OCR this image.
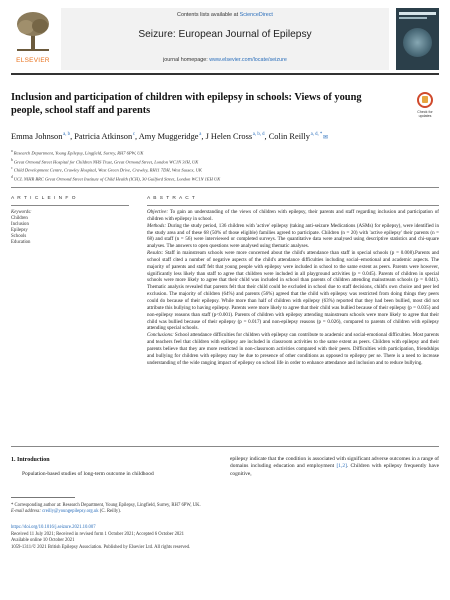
ELSEVIER
Contents lists available at ScienceDirect
Seizure: European Journal of Epilepsy
journal homepage: www.elsevier.com/locate/seizure
Inclusion and participation of children with epilepsy in schools: Views of young people, school staff and parents	Check for updates
Emma Johnson $^{a, b}$, Patricia Atkinson $^c$, Amy Muggeridge $^a$, J Helen Cross $^{a, b, d}$, Colin Reilly $^{a, d, *}$ ✉
$^a$ Research Department, Young Epilepsy, Lingfield, Surrey, RH7 6PW, UK
$^b$ Great Ormond Street Hospital for Children NHS Trust, Great Ormond Street, London WC1N 3JH, UK
$^c$ Child Development Centre, Crawley Hospital, West Green Drive, Crawley, RH11 7DH, West Sussex, UK
$^d$ UCL NIHR BRC Great Ormond Street Institute of Child Health (ICH), 30 Guilford Street, London WC1N 1EH UK
A R T I C L E I N F O	A B S T R A C T
Keywords:
Children
Inclusion
Epilepsy
Schools
Education

Objective: To gain an understanding of the views of children with epilepsy, their parents and staff regarding inclusion and participation of children with epilepsy in school.

Methods: During the study period, 136 children with 'active' epilepsy (taking anti-seizure Medications (ASMs) for epilepsy), were identified in the study area and of these 68 (50% of those eligible) families agreed to participate. Children (n = 20) with 'active epilepsy' their parents (n = 68) and staff (n = 56) were interviewed or completed surveys. The quantitative data were analysed using descriptive statistics and chi-square analyses. The answers to open questions were analysed using thematic analyses.

Results: Staff in mainstream schools were more concerned about the child's attendance than staff in special schools (p = 0.008).Parents and school staff cited a number of negative aspects of the child's attendance difficulties including social–emotional and academic aspects. The majority of parents and staff felt that young people with epilepsy were included in school to the same extent as peers. Parents were however, significantly less likely than staff to agree that children were included in all playground activities (p = 0.045). Parents of children in special schools were more likely to agree that their child was included in school than parents of children attending mainstream schools (p = 0.041). Thematic analysis revealed that parents felt that their child could be excluded in school due to staff decisions, child's own choice and peer led exclusion. The majority of children (64%) and parents (56%) agreed that the child with epilepsy was restricted from doing things they peers could do because of their epilepsy. While more than half of children with epilepsy (63%) reported that they had been bullied, most did not attribute this bullying to having epilepsy. Parents were more likely to agree that their child was bullied because of their epilepsy (p = 0.035) and non-epilepsy reasons than staff (p<0.001). Parents of children with epilepsy attending mainstream schools were more likely to agree that their child was bullied because of their epilepsy (p = 0.017) and non-epilepsy reasons (p = 0.026), compared to parents of children with epilepsy attending special schools.

Conclusions: School attendance difficulties for children with epilepsy can contribute to academic and social-emotional difficulties. Most parents and teachers feel that children with epilepsy are included in classroom activities to the same extent as peers. Children with epilepsy and their parents believe that they are more restricted in non-classroom activities compared with their peers. Difficulties with participation, friendships and bullying for children with epilepsy may be due to presence of other conditions as opposed to epilepsy per se. There is a need to increase understanding of the wide ranging impact of epilepsy on school life in order to enhance attendance and inclusion and to reduce bullying.

1. Introduction

Population-based studies of long-term outcome in childhood

epilepsy indicate that the condition is associated with significant adverse outcomes in a range of domains including education and employment [1,2]. Children with epilepsy frequently have cognitive,

* Corresponding author at: Research Department, Young Epilepsy, Lingfield, Surrey, RH7 6PW, UK.
E-mail address: creilly@youngepilepsy.org.uk (C. Reilly).
https://doi.org/10.1016/j.seizure.2021.10.007
Received 11 July 2021; Received in revised form 1 October 2021; Accepted 6 October 2021
Available online 10 October 2021
1059-1311/© 2021 British Epilepsy Association. Published by Elsevier Ltd. All rights reserved.
